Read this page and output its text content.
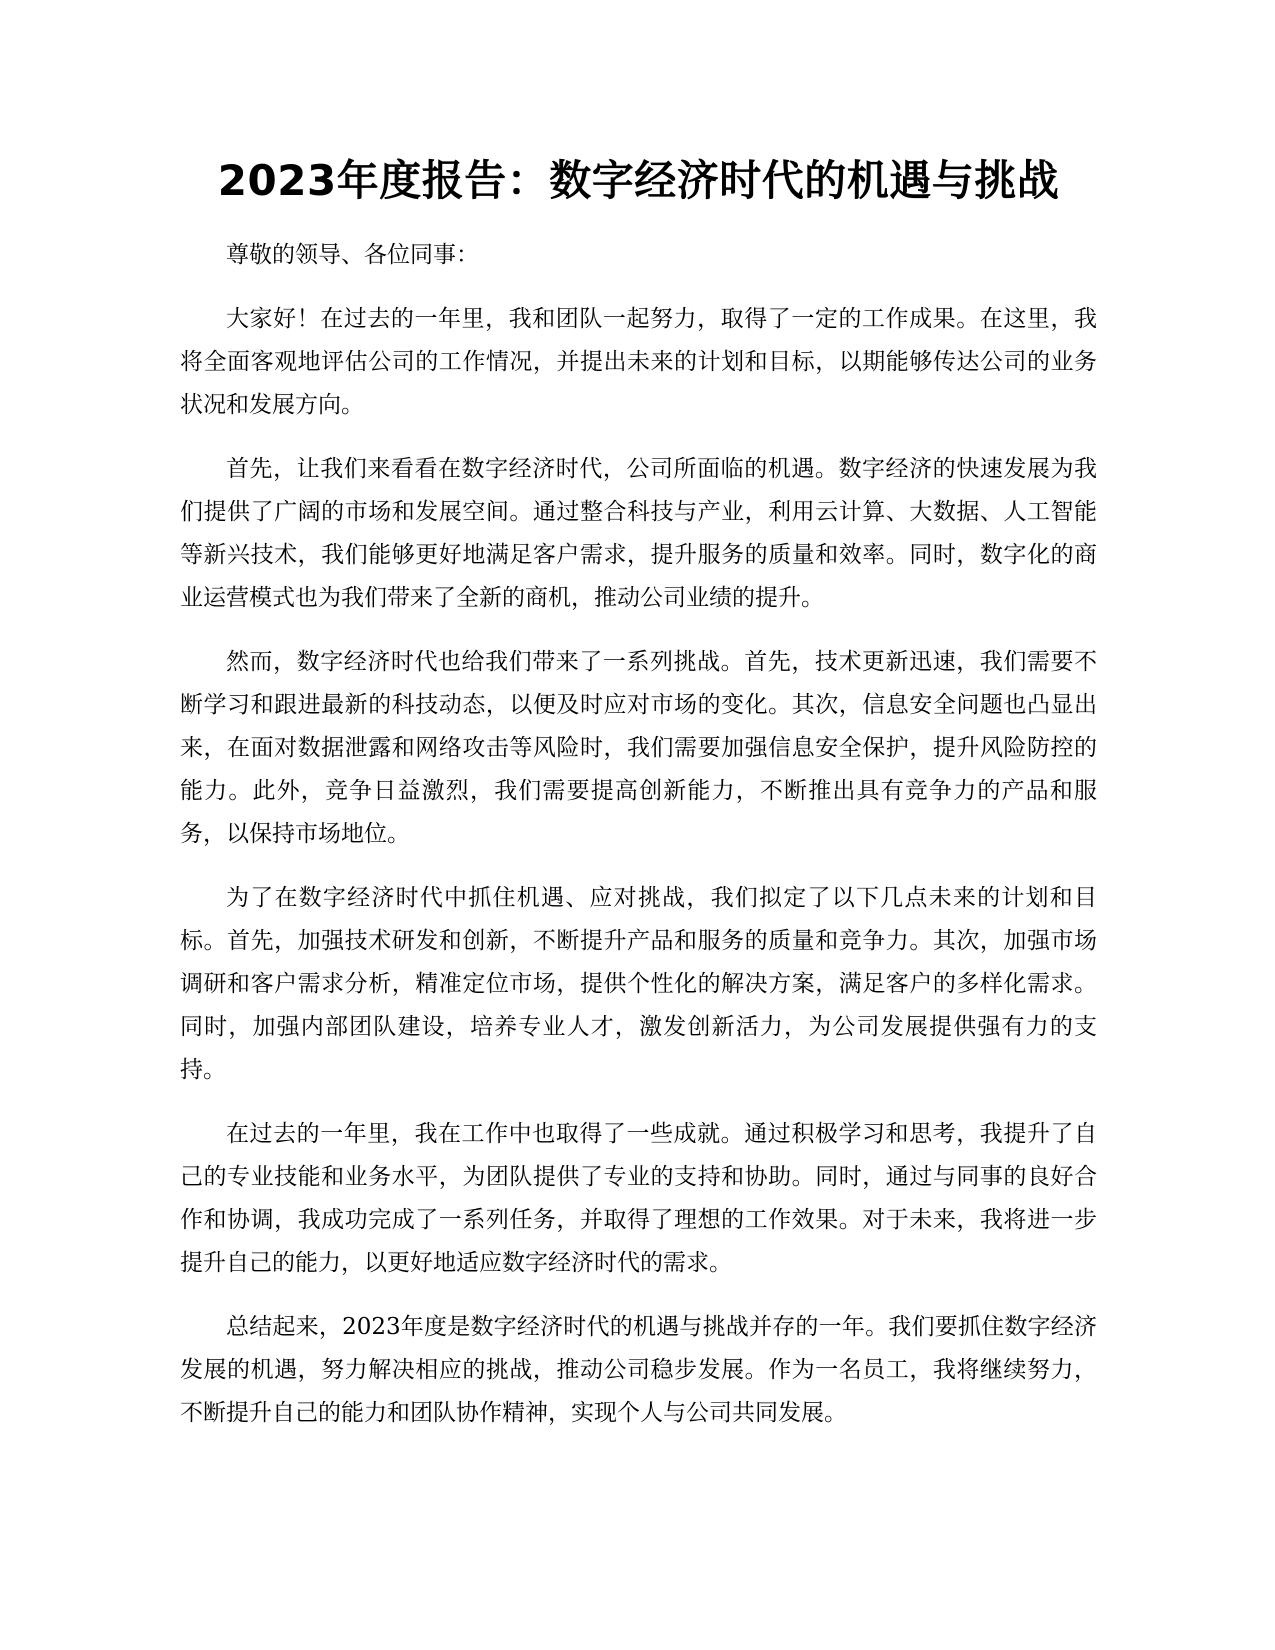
2023年度报告：数字经济时代的机遇与挑战

尊敬的领导、各位同事：

大家好！在过去的一年里，我和团队一起努力，取得了一定的工作成果。在这里，我将全面客观地评估公司的工作情况，并提出未来的计划和目标，以期能够传达公司的业务状况和发展方向。

首先，让我们来看看在数字经济时代，公司所面临的机遇。数字经济的快速发展为我们提供了广阔的市场和发展空间。通过整合科技与产业，利用云计算、大数据、人工智能等新兴技术，我们能够更好地满足客户需求，提升服务的质量和效率。同时，数字化的商业运营模式也为我们带来了全新的商机，推动公司业绩的提升。

然而，数字经济时代也给我们带来了一系列挑战。首先，技术更新迅速，我们需要不断学习和跟进最新的科技动态，以便及时应对市场的变化。其次，信息安全问题也凸显出来，在面对数据泄露和网络攻击等风险时，我们需要加强信息安全保护，提升风险防控的能力。此外，竞争日益激烈，我们需要提高创新能力，不断推出具有竞争力的产品和服务，以保持市场地位。

为了在数字经济时代中抓住机遇、应对挑战，我们拟定了以下几点未来的计划和目标。首先，加强技术研发和创新，不断提升产品和服务的质量和竞争力。其次，加强市场调研和客户需求分析，精准定位市场，提供个性化的解决方案，满足客户的多样化需求。同时，加强内部团队建设，培养专业人才，激发创新活力，为公司发展提供强有力的支持。

在过去的一年里，我在工作中也取得了一些成就。通过积极学习和思考，我提升了自己的专业技能和业务水平，为团队提供了专业的支持和协助。同时，通过与同事的良好合作和协调，我成功完成了一系列任务，并取得了理想的工作效果。对于未来，我将进一步提升自己的能力，以更好地适应数字经济时代的需求。

总结起来，2023年度是数字经济时代的机遇与挑战并存的一年。我们要抓住数字经济发展的机遇，努力解决相应的挑战，推动公司稳步发展。作为一名员工，我将继续努力，不断提升自己的能力和团队协作精神，实现个人与公司共同发展。
